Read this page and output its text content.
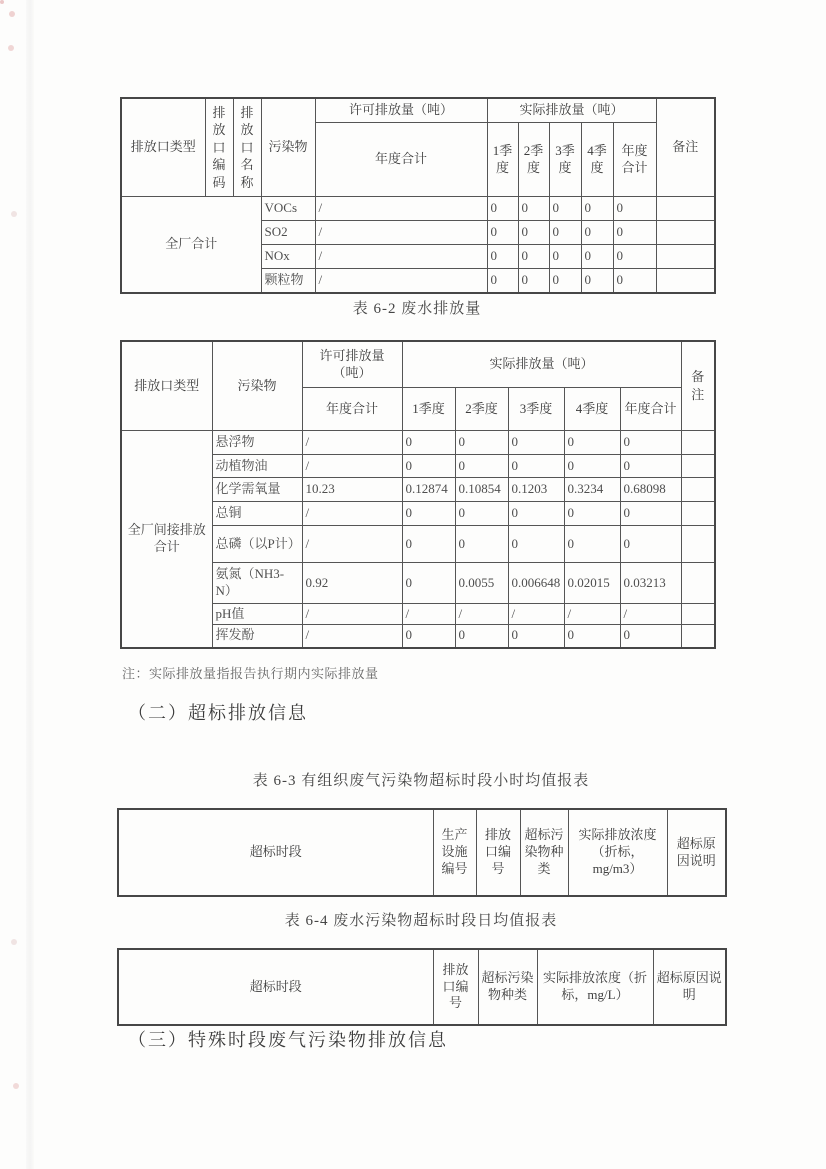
排放口类型	排放口编码	排放口名称	污染物	许可排放量（吨）	实际排放量（吨）					备注
				年度合计	1季度	2季度	3季度	4季度	年度合计	
全厂合计			VOCs	/	0	0	0	0	0	
			SO2	/	0	0	0	0	0	
			NOx	/	0	0	0	0	0	
			颗粒物	/	0	0	0	0	0	
表 6-2 废水排放量
排放口类型	污染物	许可排放量（吨）	实际排放量（吨）					备注
		年度合计	1季度	2季度	3季度	4季度	年度合计	
全厂间接排放合计	悬浮物	/	0	0	0	0	0	
	动植物油	/	0	0	0	0	0	
	化学需氧量	10.23	0.12874	0.10854	0.1203	0.3234	0.68098	
	总铜	/	0	0	0	0	0	
	总磷（以P计）	/	0	0	0	0	0	
	氨氮（NH3-N）	0.92	0	0.0055	0.006648	0.02015	0.03213	
	pH值	/	/	/	/	/	/	
	挥发酚	/	0	0	0	0	0	
注：实际排放量指报告执行期内实际排放量
（二）超标排放信息
表 6-3 有组织废气污染物超标时段小时均值报表
超标时段	生产设施编号	排放口编号	超标污染物种类	实际排放浓度（折标，mg/m3）	超标原因说明
表 6-4 废水污染物超标时段日均值报表
超标时段	排放口编号	超标污染物种类	实际排放浓度（折标，mg/L）	超标原因说明
（三）特殊时段废气污染物排放信息
